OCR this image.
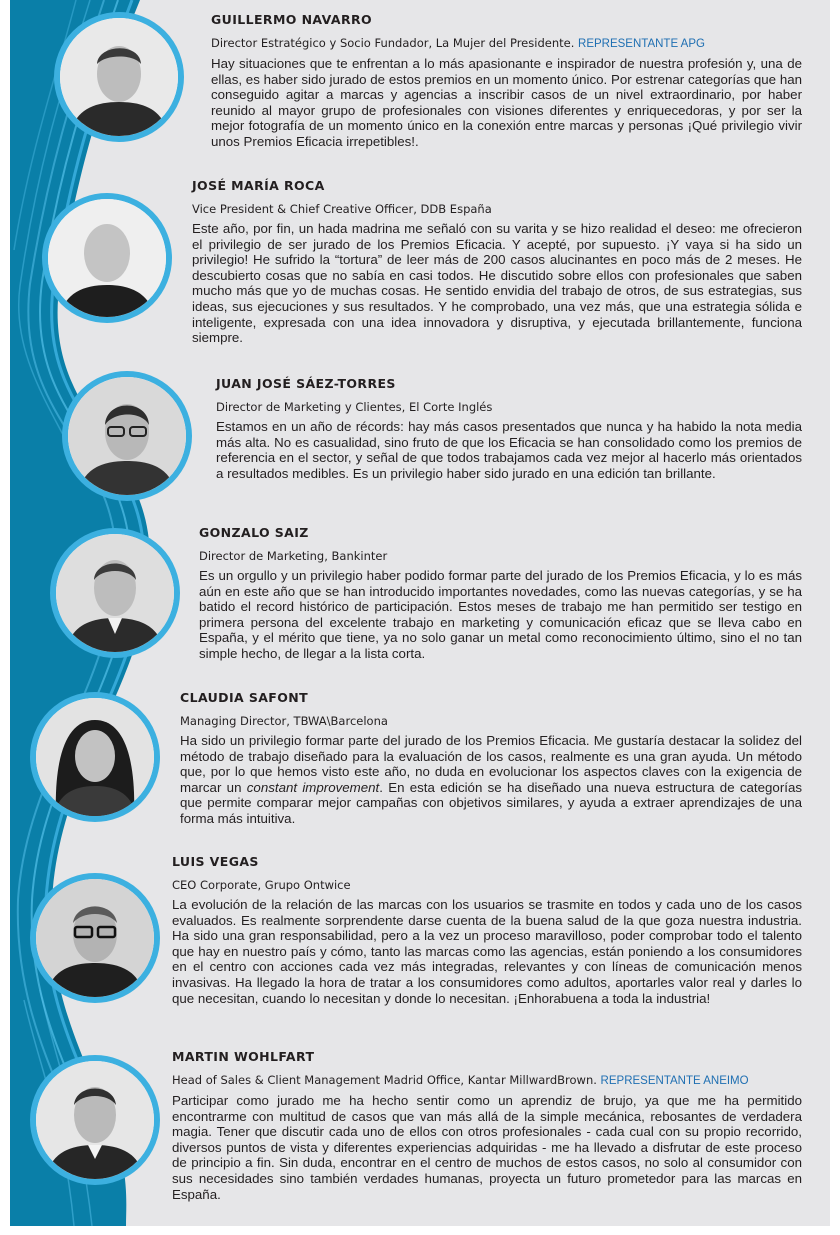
GUILLERMO NAVARRO
Director Estratégico y Socio Fundador, La Mujer del Presidente. REPRESENTANTE APG

Hay situaciones que te enfrentan a lo más apasionante e inspirador de nuestra profesión y, una de ellas, es haber sido jurado de estos premios en un momento único. Por estrenar categorías que han conseguido agitar a marcas y agencias a inscribir casos de un nivel extraordinario, por haber reunido al mayor grupo de profesionales con visiones diferentes y enriquecedoras, y por ser la mejor fotografía de un momento único en la conexión entre marcas y personas ¡Qué privilegio vivir unos Premios Eficacia irrepetibles!.

JOSÉ MARÍA ROCA
Vice President & Chief Creative Officer, DDB España

Este año, por fin, un hada madrina me señaló con su varita y se hizo realidad el deseo: me ofrecieron el privilegio de ser jurado de los Premios Eficacia. Y acepté, por supuesto. ¡Y vaya si ha sido un privilegio! He sufrido la “tortura” de leer más de 200 casos alucinantes en poco más de 2 meses. He descubierto cosas que no sabía en casi todos. He discutido sobre ellos con profesionales que saben mucho más que yo de muchas cosas. He sentido envidia del trabajo de otros, de sus estrategias, sus ideas, sus ejecuciones y sus resultados. Y he comprobado, una vez más, que una estrategia sólida e inteligente, expresada con una idea innovadora y disruptiva, y ejecutada brillantemente, funciona siempre.

JUAN JOSÉ SÁEZ-TORRES
Director de Marketing y Clientes, El Corte Inglés

Estamos en un año de récords: hay más casos presentados que nunca y ha habido la nota media más alta. No es casualidad, sino fruto de que los Eficacia se han consolidado como los premios de referencia en el sector, y señal de que todos trabajamos cada vez mejor al hacerlo más orientados a resultados medibles. Es un privilegio haber sido jurado en una edición tan brillante.

GONZALO SAIZ
Director de Marketing, Bankinter

Es un orgullo y un privilegio haber podido formar parte del jurado de los Premios Eficacia, y lo es más aún en este año que se han introducido importantes novedades, como las nuevas categorías, y se ha batido el record histórico de participación. Estos meses de trabajo me han permitido ser testigo en primera persona del excelente trabajo en marketing y comunicación eficaz que se lleva cabo en España, y el mérito que tiene, ya no solo ganar un metal como reconocimiento último, sino el no tan simple hecho, de llegar a la lista corta.

CLAUDIA SAFONT
Managing Director, TBWA\Barcelona

Ha sido un privilegio formar parte del jurado de los Premios Eficacia. Me gustaría destacar la solidez del método de trabajo diseñado para la evaluación de los casos, realmente es una gran ayuda. Un método que, por lo que hemos visto este año, no duda en evolucionar los aspectos claves con la exigencia de marcar un constant improvement. En esta edición se ha diseñado una nueva estructura de categorías que permite comparar mejor campañas con objetivos similares, y ayuda a extraer aprendizajes de una forma más intuitiva.

LUIS VEGAS
CEO Corporate, Grupo Ontwice

La evolución de la relación de las marcas con los usuarios se trasmite en todos y cada uno de los casos evaluados. Es realmente sorprendente darse cuenta de la buena salud de la que goza nuestra industria. Ha sido una gran responsabilidad, pero a la vez un proceso maravilloso, poder comprobar todo el talento que hay en nuestro país y cómo, tanto las marcas como las agencias, están poniendo a los consumidores en el centro con acciones cada vez más integradas, relevantes y con líneas de comunicación menos invasivas. Ha llegado la hora de tratar a los consumidores como adultos, aportarles valor real y darles lo que necesitan, cuando lo necesitan y donde lo necesitan. ¡Enhorabuena a toda la industria!

MARTIN WOHLFART
Head of Sales & Client Management Madrid Office, Kantar MillwardBrown. REPRESENTANTE ANEIMO

Participar como jurado me ha hecho sentir como un aprendiz de brujo, ya que me ha permitido encontrarme con multitud de casos que van más allá de la simple mecánica, rebosantes de verdadera magia. Tener que discutir cada uno de ellos con otros profesionales - cada cual con su propio recorrido, diversos puntos de vista y diferentes experiencias adquiridas - me ha llevado a disfrutar de este proceso de principio a fin. Sin duda, encontrar en el centro de muchos de estos casos, no solo al consumidor con sus necesidades sino también verdades humanas, proyecta un futuro prometedor para las marcas en España.
